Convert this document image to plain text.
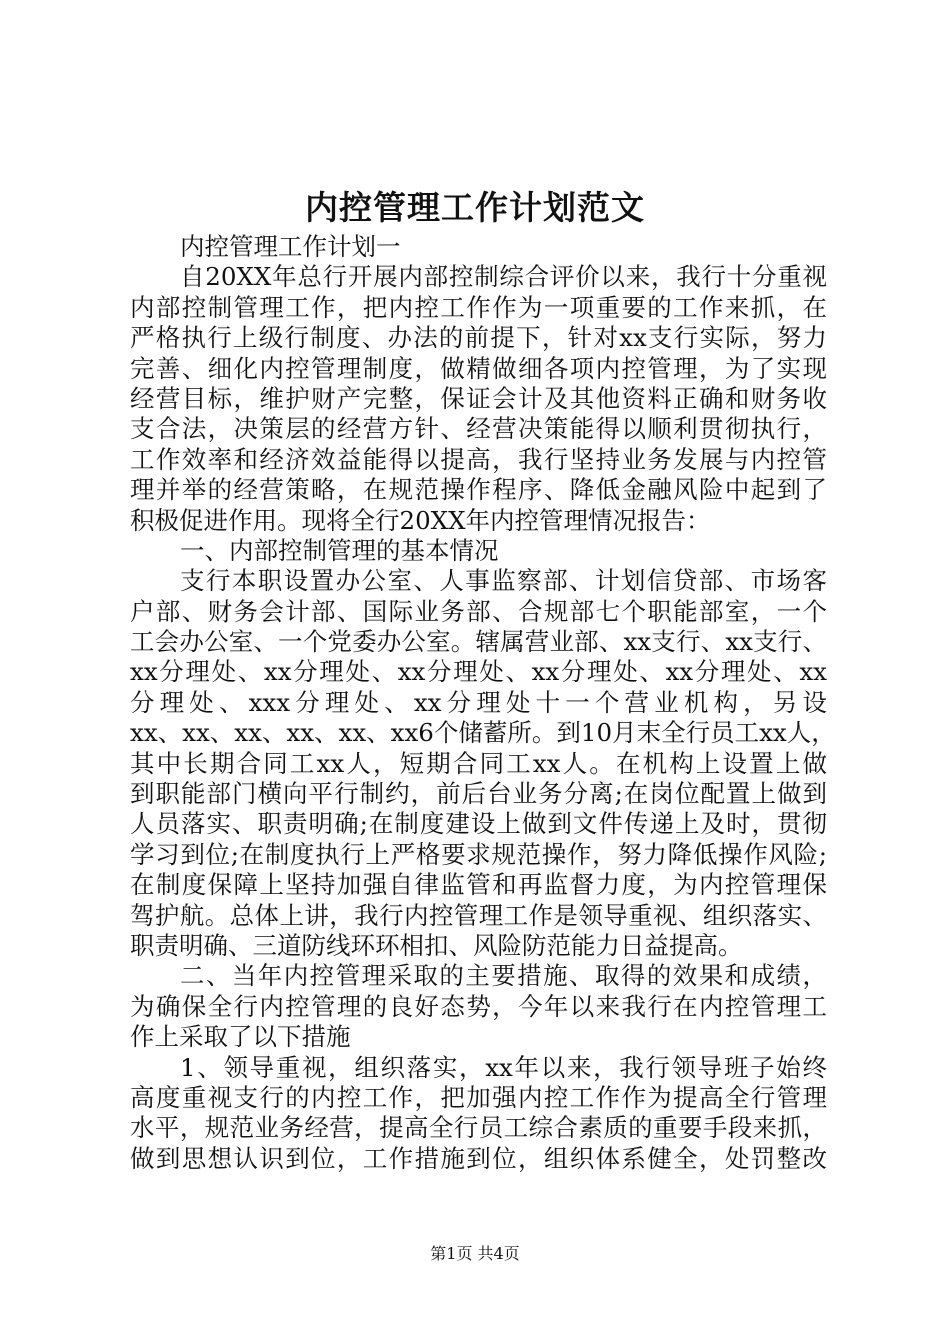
内控管理工作计划范文
内控管理工作计划一
自20XX年总行开展内部控制综合评价以来，我行十分重视
内部控制管理工作，把内控工作作为一项重要的工作来抓，在
严格执行上级行制度、办法的前提下，针对xx支行实际，努力
完善、细化内控管理制度，做精做细各项内控管理，为了实现
经营目标，维护财产完整，保证会计及其他资料正确和财务收
支合法，决策层的经营方针、经营决策能得以顺利贯彻执行，
工作效率和经济效益能得以提高，我行坚持业务发展与内控管
理并举的经营策略，在规范操作程序、降低金融风险中起到了
积极促进作用。现将全行20XX年内控管理情况报告：
一、内部控制管理的基本情况
支行本职设置办公室、人事监察部、计划信贷部、市场客
户部、财务会计部、国际业务部、合规部七个职能部室，一个
工会办公室、一个党委办公室。辖属营业部、xx支行、xx支行、
xx分理处、xx分理处、xx分理处、xx分理处、xx分理处、xx
分理处、xxx分理处、xx分理处十一个营业机构，另设
xx、xx、xx、xx、xx、xx6个储蓄所。到10月末全行员工xx人，
其中长期合同工xx人，短期合同工xx人。在机构上设置上做
到职能部门横向平行制约，前后台业务分离;在岗位配置上做到
人员落实、职责明确;在制度建设上做到文件传递上及时，贯彻
学习到位;在制度执行上严格要求规范操作，努力降低操作风险;
在制度保障上坚持加强自律监管和再监督力度，为内控管理保
驾护航。总体上讲，我行内控管理工作是领导重视、组织落实、
职责明确、三道防线环环相扣、风险防范能力日益提高。
二、当年内控管理采取的主要措施、取得的效果和成绩，
为确保全行内控管理的良好态势，今年以来我行在内控管理工
作上采取了以下措施
1、领导重视，组织落实，xx年以来，我行领导班子始终
高度重视支行的内控工作，把加强内控工作作为提高全行管理
水平，规范业务经营，提高全行员工综合素质的重要手段来抓，
做到思想认识到位，工作措施到位，组织体系健全，处罚整改
第1页 共4页
